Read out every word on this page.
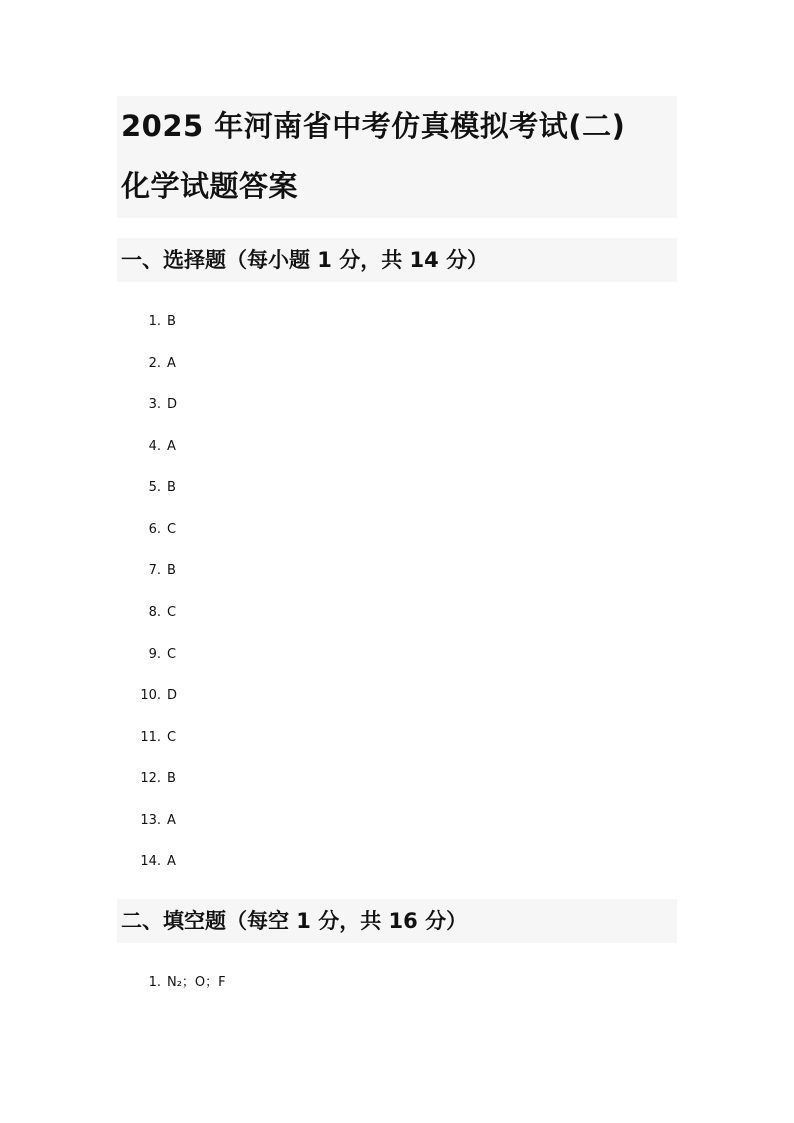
2025 年河南省中考仿真模拟考试(二)
化学试题答案
一、选择题（每小题 1 分，共 14 分）
1. B
2. A
3. D
4. A
5. B
6. C
7. B
8. C
9. C
10. D
11. C
12. B
13. A
14. A
二、填空题（每空 1 分，共 16 分）
1. N₂；O；F
